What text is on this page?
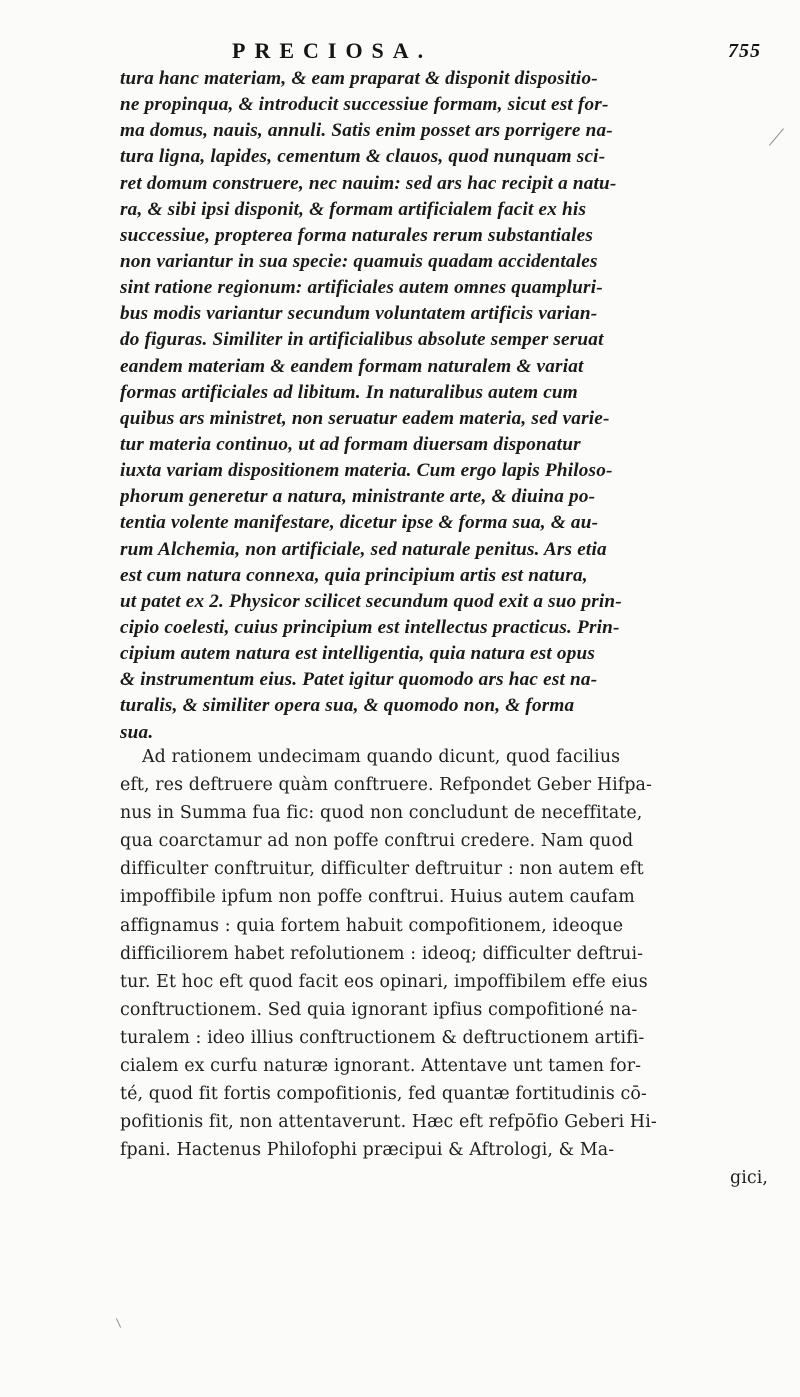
PRECIOSA.	755
tura hanc materiam, & eam praparat & disponit dispositio-
ne propinqua, & introducit successiue formam, sicut est for-
ma domus, nauis, annuli. Satis enim posset ars porrigere na-
tura ligna, lapides, cementum & clauos, quod nunquam sci-
ret domum construere, nec nauim: sed ars hac recipit a natu-
ra, & sibi ipsi disponit, & formam artificialem facit ex his
successiue, propterea forma naturales rerum substantiales
non variantur in sua specie: quamuis quadam accidentales
sint ratione regionum: artificiales autem omnes quampluri-
bus modis variantur secundum voluntatem artificis varian-
do figuras. Similiter in artificialibus absolute semper seruat
eandem materiam & eandem formam naturalem & variat
formas artificiales ad libitum. In naturalibus autem cum
quibus ars ministret, non seruatur eadem materia, sed varie-
tur materia continuo, ut ad formam diuersam disponatur
iuxta variam dispositionem materia. Cum ergo lapis Philoso-
phorum generetur a natura, ministrante arte, & diuina po-
tentia volente manifestare, dicetur ipse & forma sua, & au-
rum Alchemia, non artificiale, sed naturale penitus. Ars etia
est cum natura connexa, quia principium artis est natura,
ut patet ex 2. Physicor scilicet secundum quod exit a suo prin-
cipio coelesti, cuius principium est intellectus practicus. Prin-
cipium autem natura est intelligentia, quia natura est opus
& instrumentum eius. Patet igitur quomodo ars hac est na-
turalis, & similiter opera sua, & quomodo non, & forma
sua.
Ad rationem undecimam quando dicunt, quod facilius
eft, res deftruere quàm conftruere. Refpondet Geber Hifpa-
nus in Summa fua fic: quod non concludunt de neceffitate,
qua coarctamur ad non poffe conftrui credere. Nam quod
difficulter conftruitur, difficulter deftruitur : non autem eft
impoffibile ipfum non poffe conftrui. Huius autem caufam
affignamus : quia fortem habuit compofitionem, ideoque
difficiliorem habet refolutionem : ideoq; difficulter deftrui-
tur. Et hoc eft quod facit eos opinari, impoffibilem effe eius
conftructionem. Sed quia ignorant ipfius compofitioné na-
turalem : ideo illius conftructionem & deftructionem artifi-
cialem ex curfu naturæ ignorant. Attentave unt tamen for-
té, quod fit fortis compofitionis, fed quantæ fortitudinis cō-
pofitionis fit, non attentaverunt. Hæc eft refpōfio Geberi Hi-
fpani. Hactenus Philofophi præcipui & Aftrologi, & Ma-
gici,
